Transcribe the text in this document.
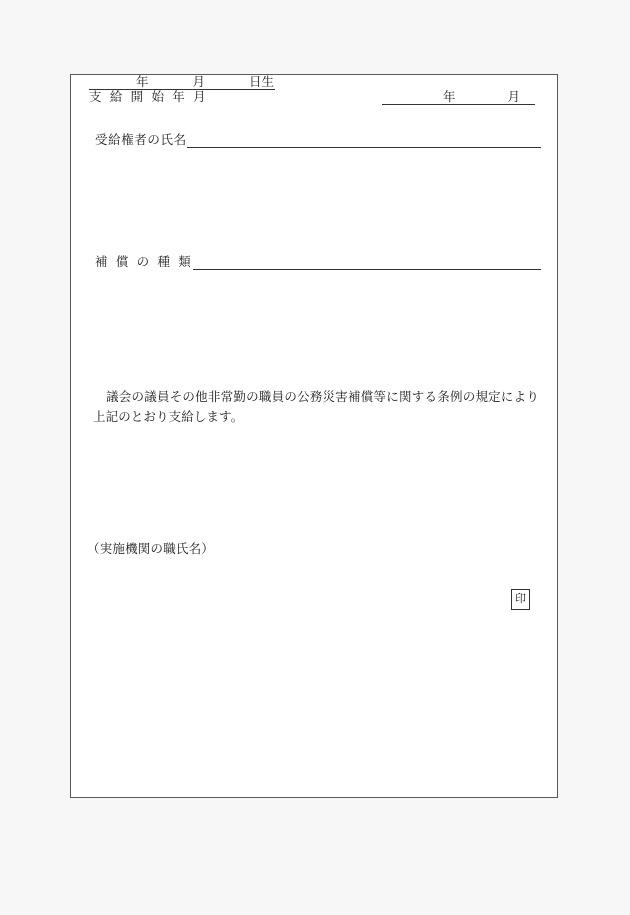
受給権者の氏名
年	月	日生
補 償 の 種 類
支 給 開 始 年 月	年	月

議会の議員その他非常勤の職員の公務災害補償等に関する条例の規定により上記のとおり支給します。

（実施機関の職氏名）
印
